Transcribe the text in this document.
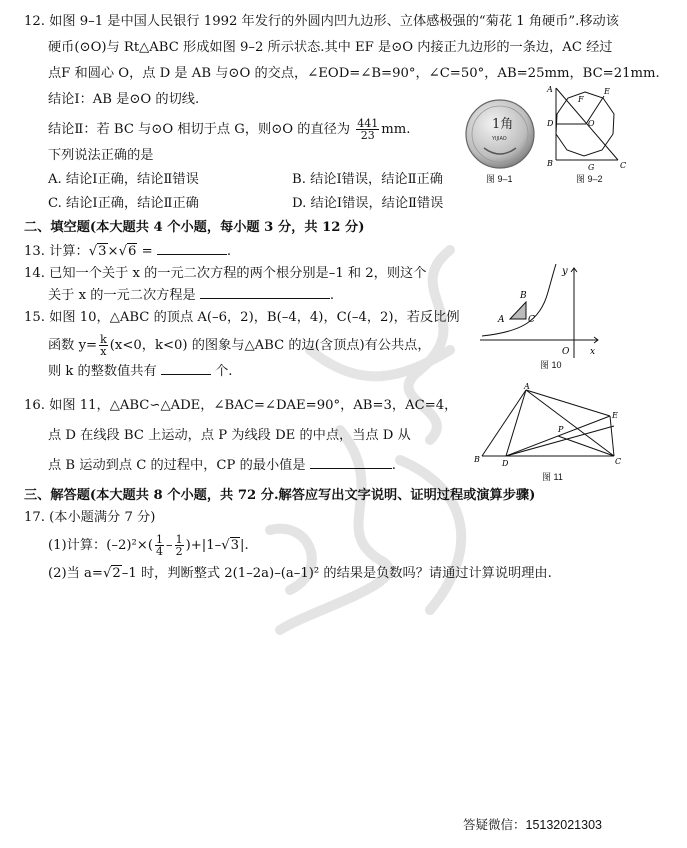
12. 如图 9–1 是中国人民银行 1992 年发行的外圆内凹九边形、立体感极强的“菊花 1 角硬币”.移动该
硬币(⊙O)与 Rt△ABC 形成如图 9–2 所示状态.其中 EF 是⊙O 内接正九边形的一条边，AC 经过
点F 和圆心 O，点 D 是 AB 与⊙O 的交点，∠EOD=∠B=90°，∠C=50°，AB=25mm，BC=21mm.
结论Ⅰ：AB 是⊙O 的切线.
结论Ⅱ：若 BC 与⊙O 相切于点 G，则⊙O 的直径为 $\frac{441}{23}$ mm.
下列说法正确的是
A. 结论Ⅰ正确，结论Ⅱ错误	B. 结论Ⅰ错误，结论Ⅱ正确
C. 结论Ⅰ正确，结论Ⅱ正确	D. 结论Ⅰ错误，结论Ⅱ错误
1角
YIJIAO
图 9–1
A	E
D	O
F
B	G	C
图 9–2
二、填空题(本大题共 4 个小题，每小题 3 分，共 12 分)
13. 计算：√3×√6 =	.
14. 已知一个关于 x 的一元二次方程的两个根分别是–1 和 2，则这个
关于 x 的一元二次方程是	.
15. 如图 10，△ABC 的顶点 A(–6，2)，B(–4，4)，C(–4，2)，若反比例
函数 $y= \frac{k}{x} (x<0$，k<0) 的图象与△ABC 的边(含顶点)有公共点，
则 k 的整数值共有	个.
y
B
A	C
O x
图 10
16. 如图 11，△ABC∽△ADE，∠BAC=∠DAE=90°，AB=3，AC=4，
点 D 在线段 BC 上运动，点 P 为线段 DE 的中点，当点 D 从
点 B 运动到点 C 的过程中，CP 的最小值是	.
A
E
P
B	D	C
图 11
三、解答题(本大题共 8 个小题，共 72 分.解答应写出文字说明、证明过程或演算步骤)
17. (本小题满分 7 分)
(1)计算：$(-2)^2\times( \frac{1}{4} - \frac{1}{2} )+|1-√3|$.
(2)当 a=√2–1 时，判断整式 2(1–2a)–(a–1)² 的结果是负数吗？请通过计算说明理由.
答疑微信：15132021303
